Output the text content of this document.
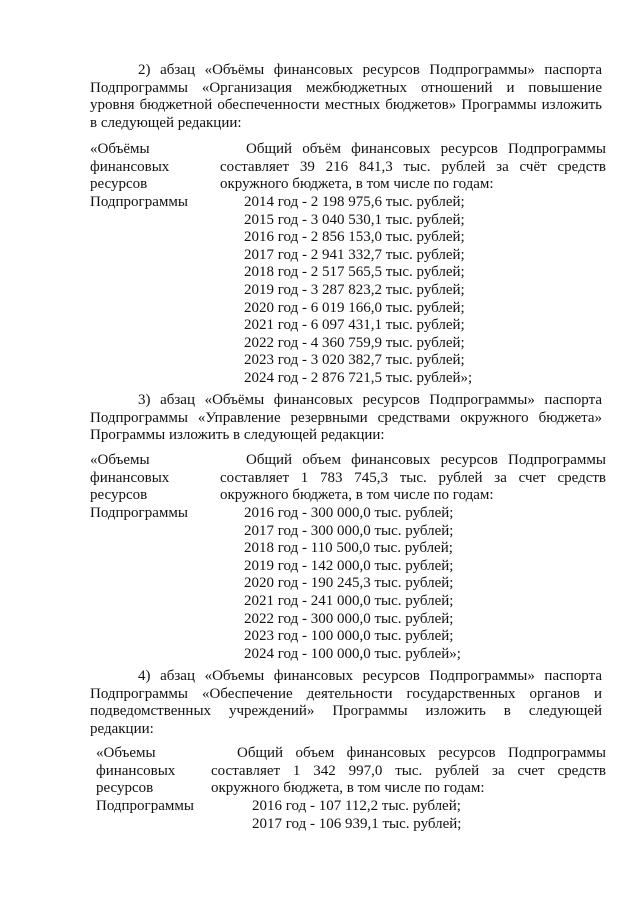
2) абзац «Объёмы финансовых ресурсов Подпрограммы» паспорта
Подпрограммы «Организация межбюджетных отношений и повышение
уровня бюджетной обеспеченности местных бюджетов» Программы изложить
в следующей редакции:
«Объёмы
финансовых
ресурсов
Подпрограммы
Общий объём финансовых ресурсов Подпрограммы
составляет 39 216 841,3 тыс. рублей за счёт средств
окружного бюджета, в том числе по годам:
2014 год - 2 198 975,6 тыс. рублей;
2015 год - 3 040 530,1 тыс. рублей;
2016 год - 2 856 153,0 тыс. рублей;
2017 год - 2 941 332,7 тыс. рублей;
2018 год - 2 517 565,5 тыс. рублей;
2019 год - 3 287 823,2 тыс. рублей;
2020 год - 6 019 166,0 тыс. рублей;
2021 год - 6 097 431,1 тыс. рублей;
2022 год - 4 360 759,9 тыс. рублей;
2023 год - 3 020 382,7 тыс. рублей;
2024 год - 2 876 721,5 тыс. рублей»;
3) абзац «Объёмы финансовых ресурсов Подпрограммы» паспорта
Подпрограммы «Управление резервными средствами окружного бюджета»
Программы изложить в следующей редакции:
«Объемы
финансовых
ресурсов
Подпрограммы
Общий объем финансовых ресурсов Подпрограммы
составляет 1 783 745,3 тыс. рублей за счет средств
окружного бюджета, в том числе по годам:
2016 год - 300 000,0 тыс. рублей;
2017 год - 300 000,0 тыс. рублей;
2018 год - 110 500,0 тыс. рублей;
2019 год - 142 000,0 тыс. рублей;
2020 год - 190 245,3 тыс. рублей;
2021 год - 241 000,0 тыс. рублей;
2022 год - 300 000,0 тыс. рублей;
2023 год - 100 000,0 тыс. рублей;
2024 год - 100 000,0 тыс. рублей»;
4) абзац «Объемы финансовых ресурсов Подпрограммы» паспорта
Подпрограммы «Обеспечение деятельности государственных органов и
подведомственных учреждений» Программы изложить в следующей
редакции:
«Объемы
финансовых
ресурсов
Подпрограммы
Общий объем финансовых ресурсов Подпрограммы
составляет 1 342 997,0 тыс. рублей за счет средств
окружного бюджета, в том числе по годам:
2016 год - 107 112,2 тыс. рублей;
2017 год - 106 939,1 тыс. рублей;
